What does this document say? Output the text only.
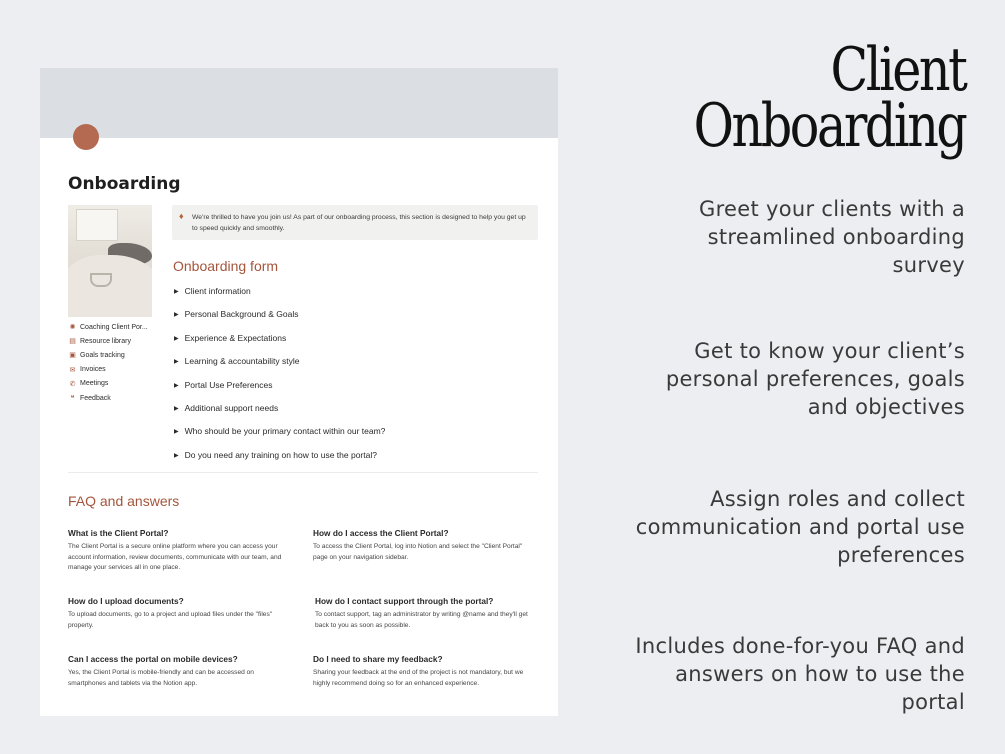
Onboarding
✺ Coaching Client Por...
▤ Resource library
▣ Goals tracking
✉ Invoices
✆ Meetings
❝ Feedback
♦ We're thrilled to have you join us! As part of our onboarding process, this section is designed to help you get up to speed quickly and smoothly.
Onboarding form
▶ Client information
▶ Personal Background & Goals
▶ Experience & Expectations
▶ Learning & accountability style
▶ Portal Use Preferences
▶ Additional support needs
▶ Who should be your primary contact within our team?
▶ Do you need any training on how to use the portal?
FAQ and answers
What is the Client Portal?
The Client Portal is a secure online platform where you can access your account information, review documents, communicate with our team, and manage your services all in one place.
How do I access the Client Portal?
To access the Client Portal, log into Notion and select the "Client Portal" page on your navigation sidebar.
How do I upload documents?
To upload documents, go to a project and upload files under the "files" property.
How do I contact support through the portal?
To contact support, tag an administrator by writing @name and they'll get back to you as soon as possible.
Can I access the portal on mobile devices?
Yes, the Client Portal is mobile-friendly and can be accessed on smartphones and tablets via the Notion app.
Do I need to share my feedback?
Sharing your feedback at the end of the project is not mandatory, but we highly recommend doing so for an enhanced experience.
Client
Onboarding
Greet your clients with a streamlined onboarding survey
Get to know your client’s personal preferences, goals and objectives
Assign roles and collect communication and portal use preferences
Includes done-for-you FAQ and answers on how to use the portal
